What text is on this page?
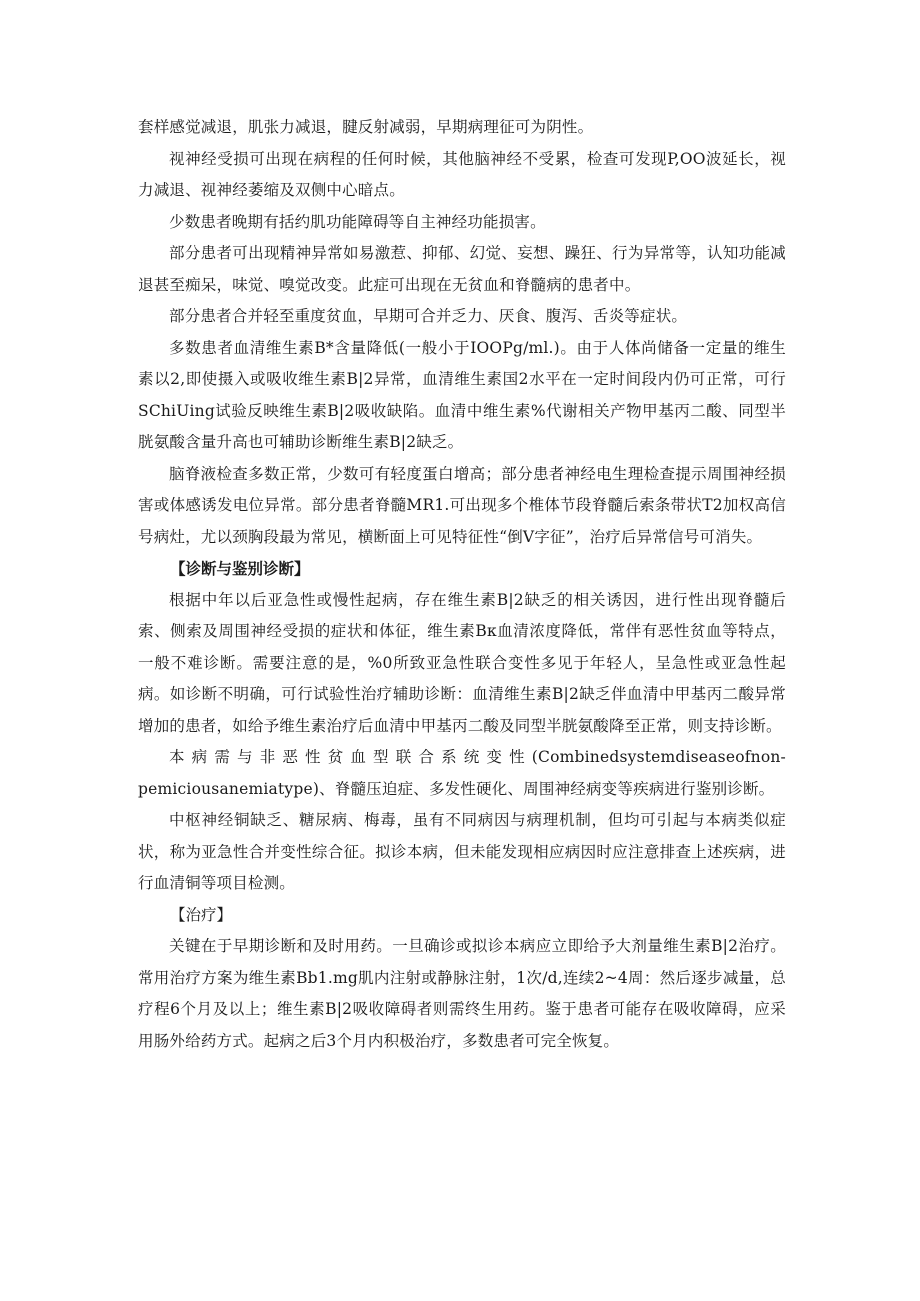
套样感觉减退，肌张力减退，腱反射减弱，早期病理征可为阴性。

视神经受损可出现在病程的任何时候，其他脑神经不受累，检查可发现P,OO波延长，视力减退、视神经萎缩及双侧中心暗点。

少数患者晚期有括约肌功能障碍等自主神经功能损害。

部分患者可出现精神异常如易激惹、抑郁、幻觉、妄想、躁狂、行为异常等，认知功能减退甚至痴呆，味觉、嗅觉改变。此症可出现在无贫血和脊髓病的患者中。

部分患者合并轻至重度贫血，早期可合并乏力、厌食、腹泻、舌炎等症状。

多数患者血清维生素B*含量降低(一般小于IOOPg/ml.)。由于人体尚储备一定量的维生素以2,即使摄入或吸收维生素B|2异常，血清维生素国2水平在一定时间段内仍可正常，可行SChiUing试验反映维生素B|2吸收缺陷。血清中维生素%代谢相关产物甲基丙二酸、同型半胱氨酸含量升高也可辅助诊断维生素B|2缺乏。

脑脊液检查多数正常，少数可有轻度蛋白增高；部分患者神经电生理检查提示周围神经损害或体感诱发电位异常。部分患者脊髓MR1.可出现多个椎体节段脊髓后索条带状T2加权高信号病灶，尤以颈胸段最为常见，横断面上可见特征性“倒V字征”，治疗后异常信号可消失。

【诊断与鉴别诊断】

根据中年以后亚急性或慢性起病，存在维生素B|2缺乏的相关诱因，进行性出现脊髓后索、侧索及周围神经受损的症状和体征，维生素Bκ血清浓度降低，常伴有恶性贫血等特点，一般不难诊断。需要注意的是，%0所致亚急性联合变性多见于年轻人，呈急性或亚急性起病。如诊断不明确，可行试验性治疗辅助诊断：血清维生素B|2缺乏伴血清中甲基丙二酸异常增加的患者，如给予维生素治疗后血清中甲基丙二酸及同型半胱氨酸降至正常，则支持诊断。

本病需与非恶性贫血型联合系统变性(Combinedsystemdiseaseofnon-pemiciousanemiatype)、脊髓压迫症、多发性硬化、周围神经病变等疾病进行鉴别诊断。

中枢神经铜缺乏、糖尿病、梅毒，虽有不同病因与病理机制，但均可引起与本病类似症状，称为亚急性合并变性综合征。拟诊本病，但未能发现相应病因时应注意排查上述疾病，进行血清铜等项目检测。

【治疗】

关键在于早期诊断和及时用药。一旦确诊或拟诊本病应立即给予大剂量维生素B|2治疗。常用治疗方案为维生素Bb1.mg肌内注射或静脉注射，1次/d,连续2~4周：然后逐步减量，总疗程6个月及以上；维生素B|2吸收障碍者则需终生用药。鉴于患者可能存在吸收障碍，应采用肠外给药方式。起病之后3个月内积极治疗，多数患者可完全恢复。
